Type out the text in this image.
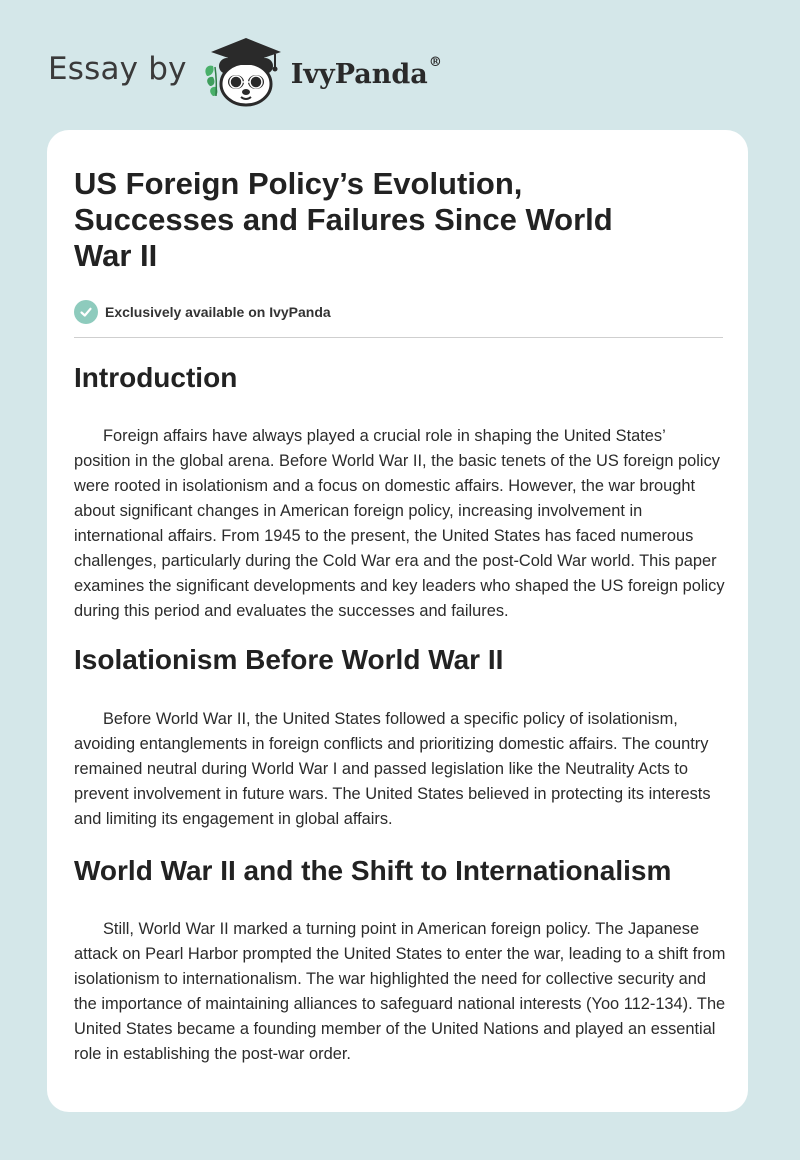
Essay by	IvyPanda®
US Foreign Policy’s Evolution, Successes and Failures Since World War II
Exclusively available on IvyPanda
Introduction

Foreign affairs have always played a crucial role in shaping the United States’ position in the global arena. Before World War II, the basic tenets of the US foreign policy were rooted in isolationism and a focus on domestic affairs. However, the war brought about significant changes in American foreign policy, increasing involvement in international affairs. From 1945 to the present, the United States has faced numerous challenges, particularly during the Cold War era and the post-Cold War world. This paper examines the significant developments and key leaders who shaped the US foreign policy during this period and evaluates the successes and failures.

Isolationism Before World War II

Before World War II, the United States followed a specific policy of isolationism, avoiding entanglements in foreign conflicts and prioritizing domestic affairs. The country remained neutral during World War I and passed legislation like the Neutrality Acts to prevent involvement in future wars. The United States believed in protecting its interests and limiting its engagement in global affairs.

World War II and the Shift to Internationalism

Still, World War II marked a turning point in American foreign policy. The Japanese attack on Pearl Harbor prompted the United States to enter the war, leading to a shift from isolationism to internationalism. The war highlighted the need for collective security and the importance of maintaining alliances to safeguard national interests (Yoo 112-134). The United States became a founding member of the United Nations and played an essential role in establishing the post-war order.
